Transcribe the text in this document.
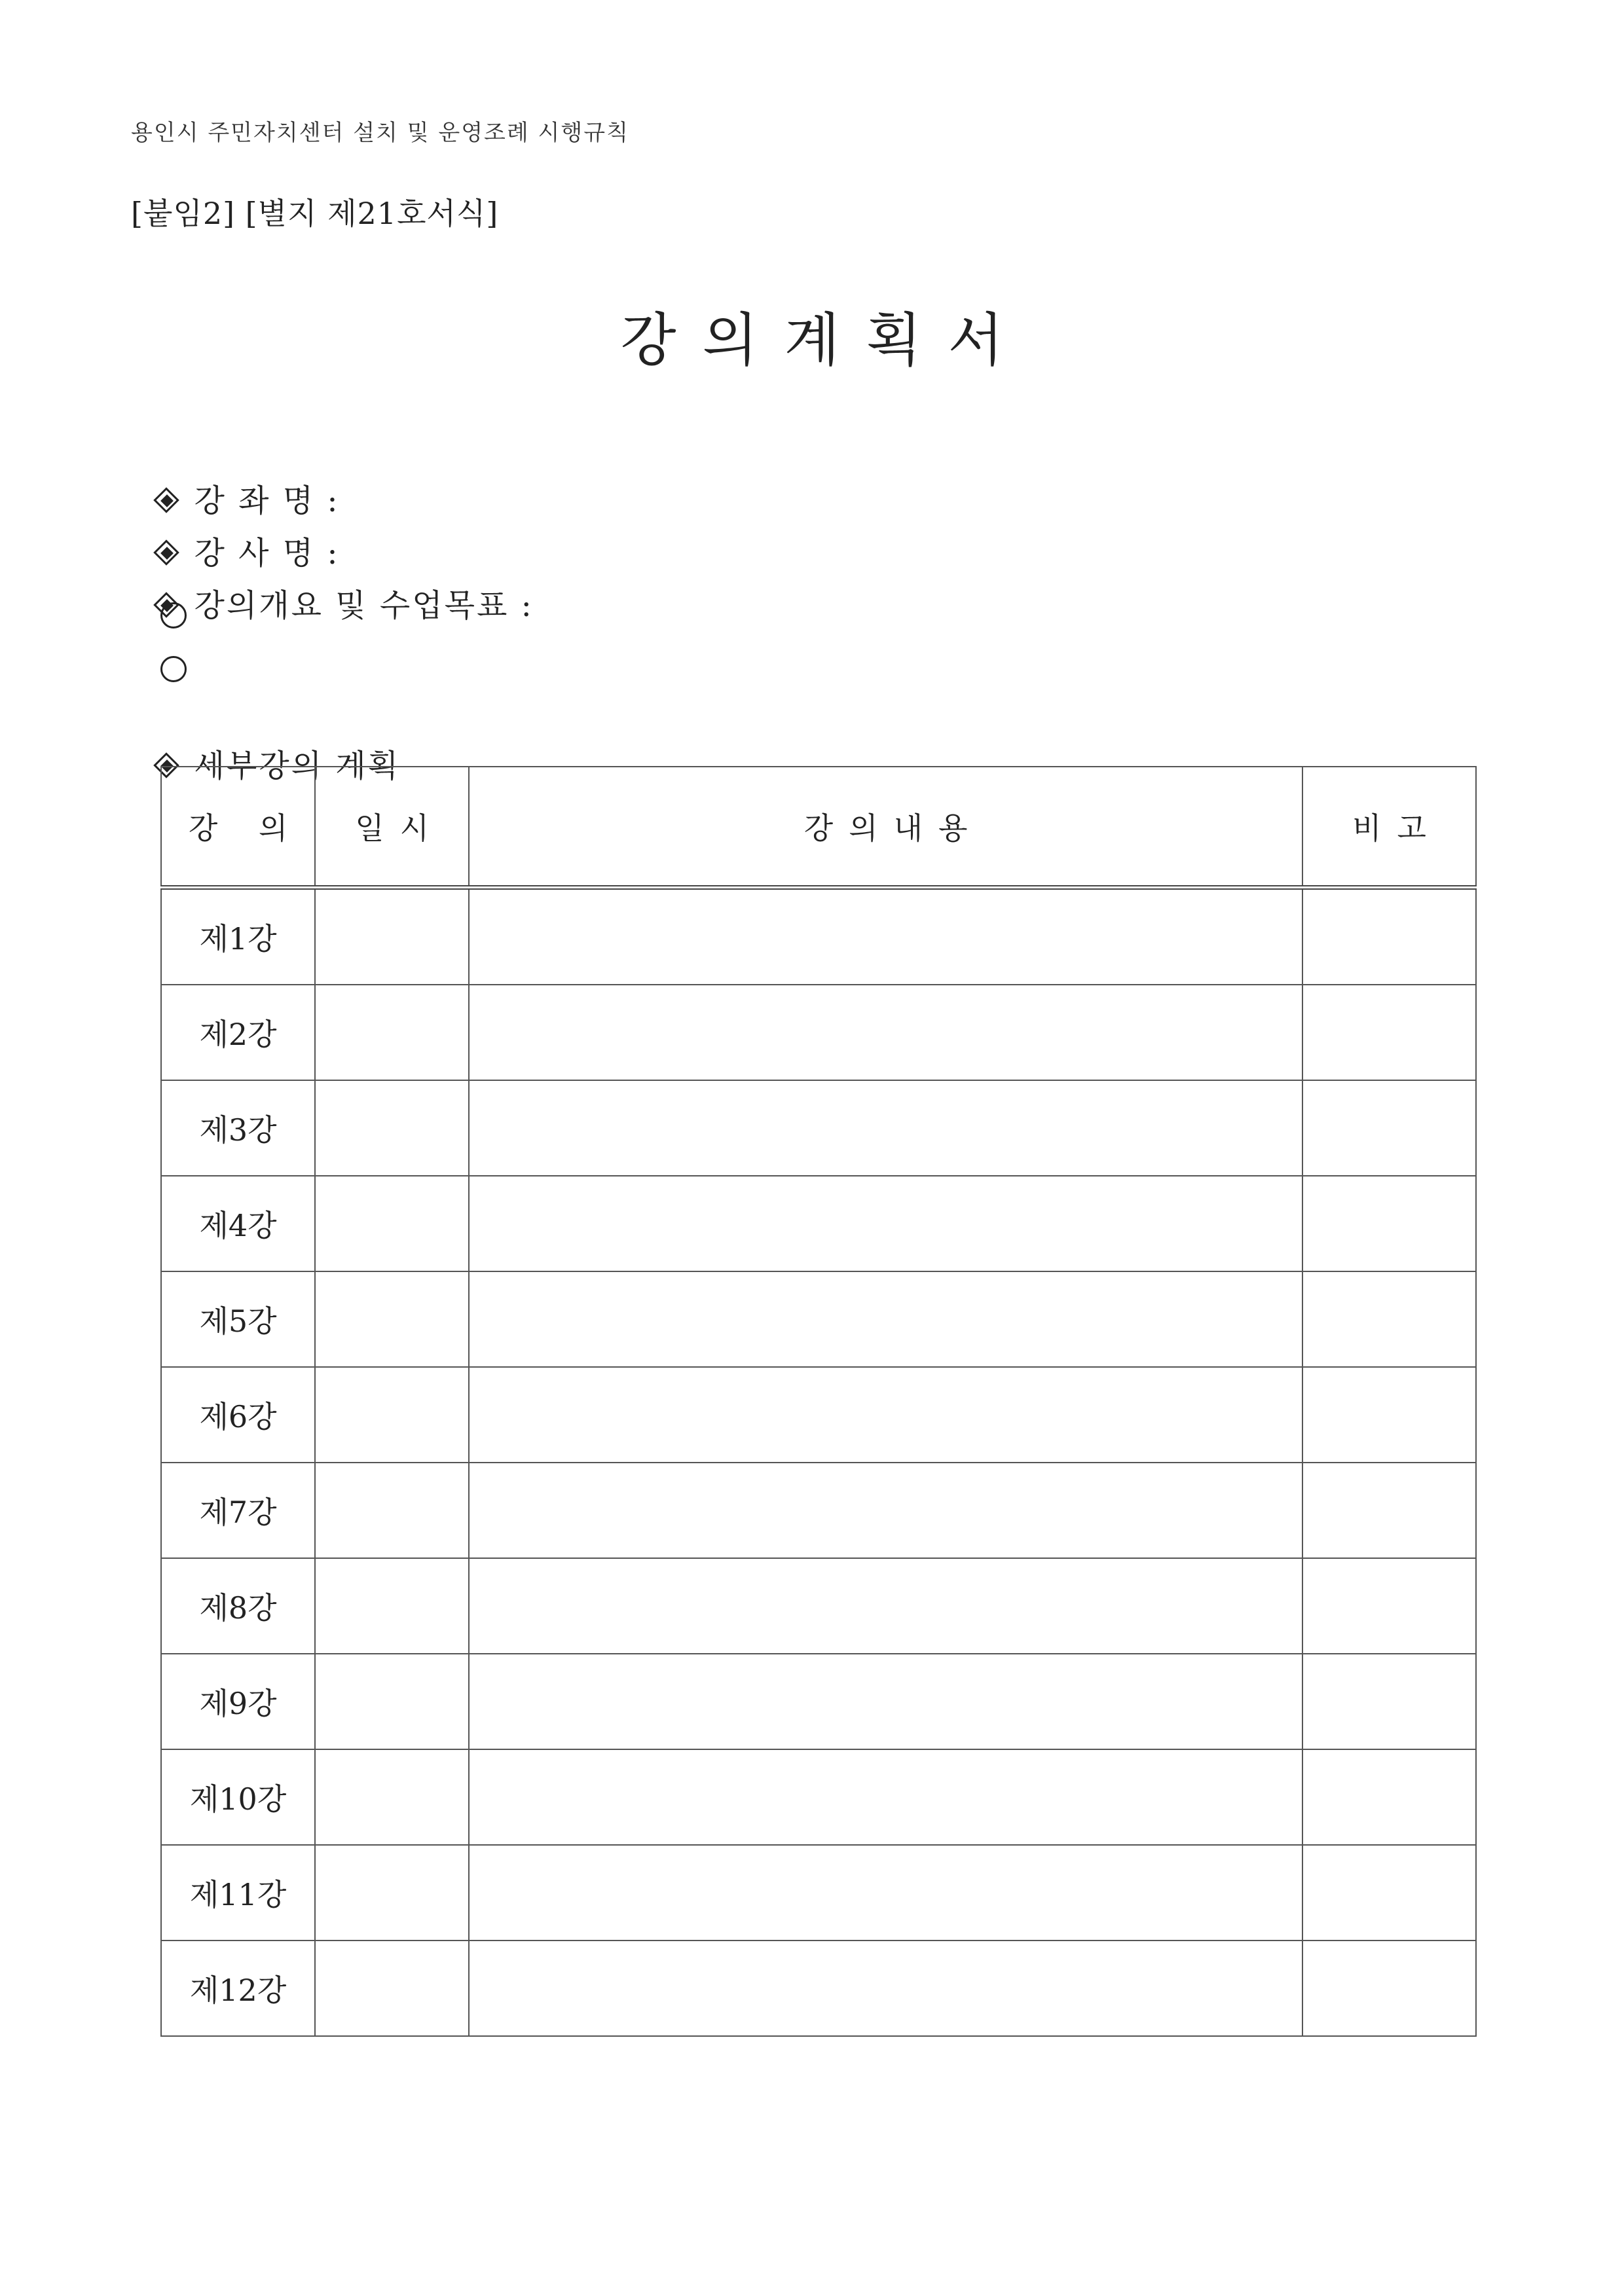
용인시 주민자치센터 설치 및 운영조례 시행규칙
[붙임2] [별지 제21호서식]
강의계획서

강 좌 명 :

강 사 명 :

강의개요 및 수업목표 :

세부강의 계획

강 의	일시	강의내용	비고
제1강			
제2강			
제3강			
제4강			
제5강			
제6강			
제7강			
제8강			
제9강			
제10강			
제11강			
제12강			
